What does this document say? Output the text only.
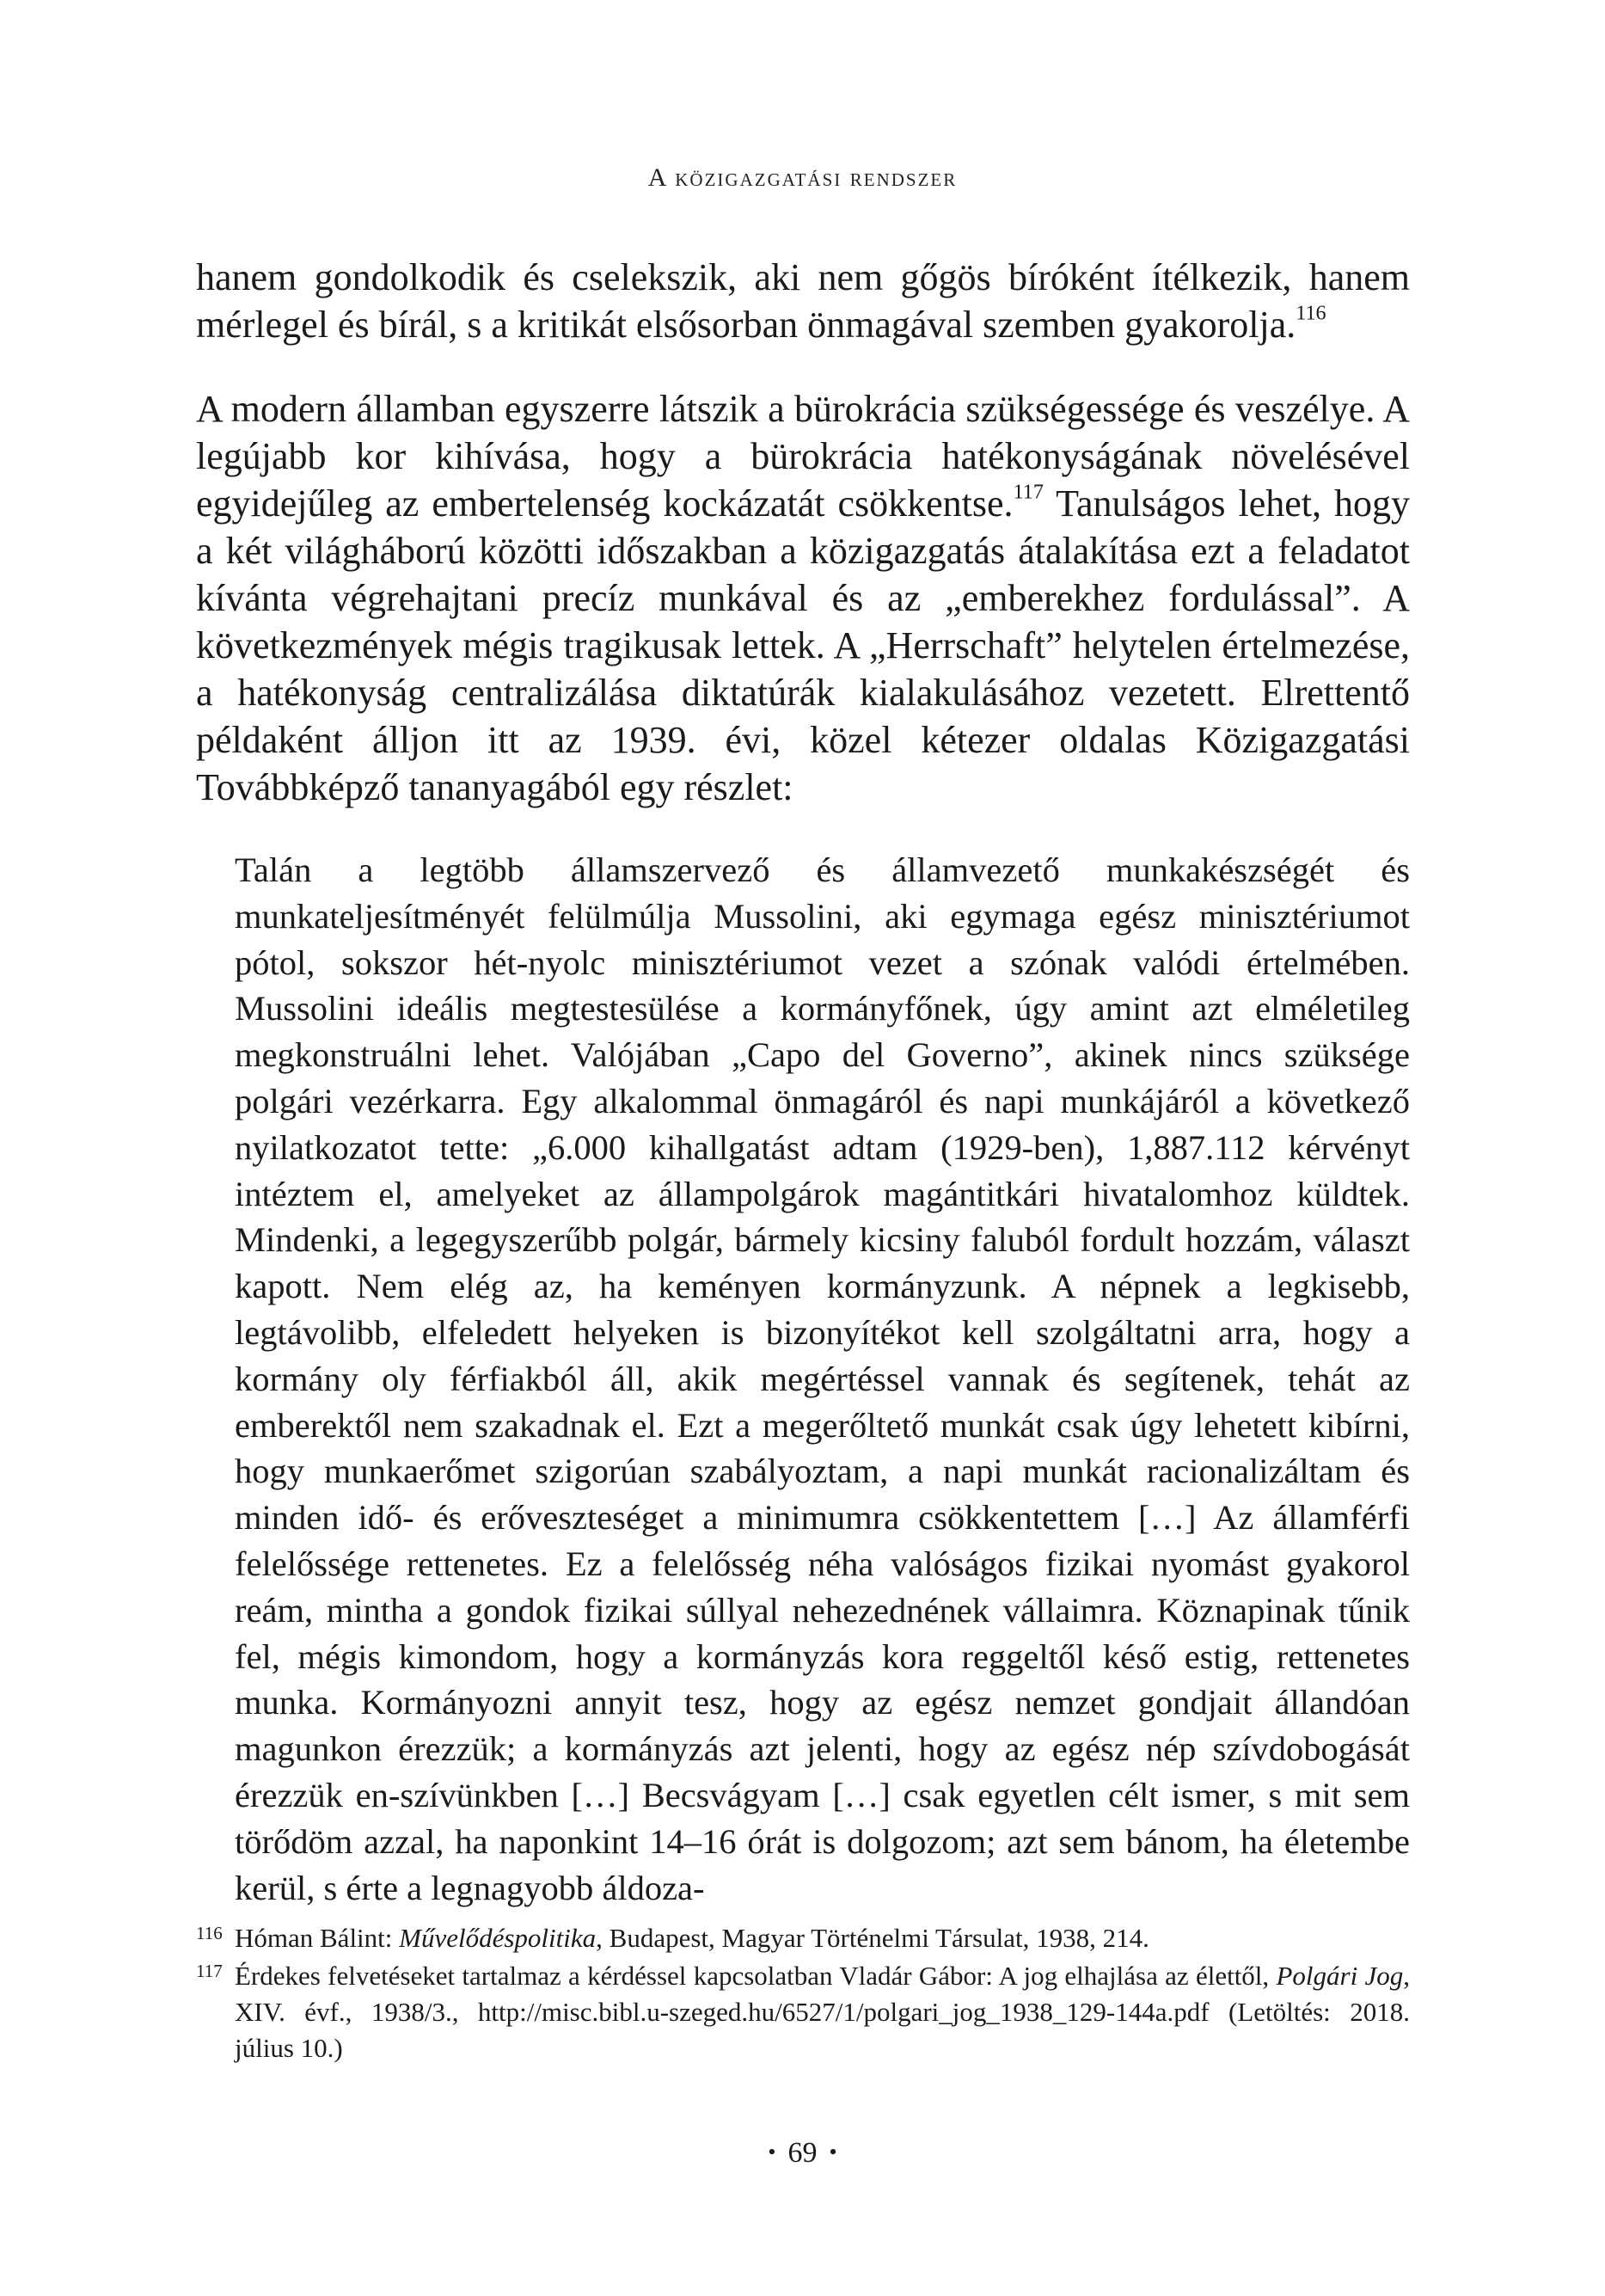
A közigazgatási rendszer

hanem gondolkodik és cselekszik, aki nem gőgös bíróként ítélkezik, hanem mérlegel és bírál, s a kritikát elsősorban önmagával szemben gyakorolja.$^{116}$

A modern államban egyszerre látszik a bürokrácia szükségessége és veszélye. A legújabb kor kihívása, hogy a bürokrácia hatékonyságának növelésével egyidejűleg az embertelenség kockázatát csökkentse.$^{117}$ Tanulságos lehet, hogy a két világháború közötti időszakban a közigazgatás átalakítása ezt a feladatot kívánta végrehajtani precíz munkával és az „emberekhez fordulással”. A következmények mégis tragikusak lettek. A „Herrschaft” helytelen értelmezése, a hatékonyság centralizálása diktatúrák kialakulásához vezetett. Elrettentő példaként álljon itt az 1939. évi, közel kétezer oldalas Közigazgatási Továbbképző tananyagából egy részlet:

Talán a legtöbb államszervező és államvezető munkakészségét és munkateljesítményét felülmúlja Mussolini, aki egymaga egész minisztériumot pótol, sokszor hét-nyolc minisztériumot vezet a szónak valódi értelmében. Mussolini ideális megtestesülése a kormányfőnek, úgy amint azt elméletileg megkonstruálni lehet. Valójában „Capo del Governo”, akinek nincs szüksége polgári vezérkarra. Egy alkalommal önmagáról és napi munkájáról a következő nyilatkozatot tette: „6.000 kihallgatást adtam (1929-ben), 1,887.112 kérvényt intéztem el, amelyeket az állampolgárok magántitkári hivatalomhoz küldtek. Mindenki, a legegyszerűbb polgár, bármely kicsiny faluból fordult hozzám, választ kapott. Nem elég az, ha keményen kormányzunk. A népnek a legkisebb, legtávolibb, elfeledett helyeken is bizonyítékot kell szolgáltatni arra, hogy a kormány oly férfiakból áll, akik megértéssel vannak és segítenek, tehát az emberektől nem szakadnak el. Ezt a megerőltető munkát csak úgy lehetett kibírni, hogy munkaerőmet szigorúan szabályoztam, a napi munkát racionalizáltam és minden idő- és erőveszteséget a minimumra csökkentettem […] Az államférfi felelőssége rettenetes. Ez a felelősség néha valóságos fizikai nyomást gyakorol reám, mintha a gondok fizikai súllyal nehezednének vállaimra. Köznapinak tűnik fel, mégis kimondom, hogy a kormányzás kora reggeltől késő estig, rettenetes munka. Kormányozni annyit tesz, hogy az egész nemzet gondjait állandóan magunkon érezzük; a kormányzás azt jelenti, hogy az egész nép szívdobogását érezzük en-szívünkben […] Becsvágyam […] csak egyetlen célt ismer, s mit sem törődöm azzal, ha naponkint 14–16 órát is dolgozom; azt sem bánom, ha életembe kerül, s érte a legnagyobb áldoza-

116 Hóman Bálint: Művelődéspolitika, Budapest, Magyar Történelmi Társulat, 1938, 214.

117 Érdekes felvetéseket tartalmaz a kérdéssel kapcsolatban Vladár Gábor: A jog elhajlása az élettől, Polgári Jog, XIV. évf., 1938/3., http://misc.bibl.u-szeged.hu/6527/1/polgari_jog_1938_129-144a.pdf (Letöltés: 2018. július 10.)

• 69 •
